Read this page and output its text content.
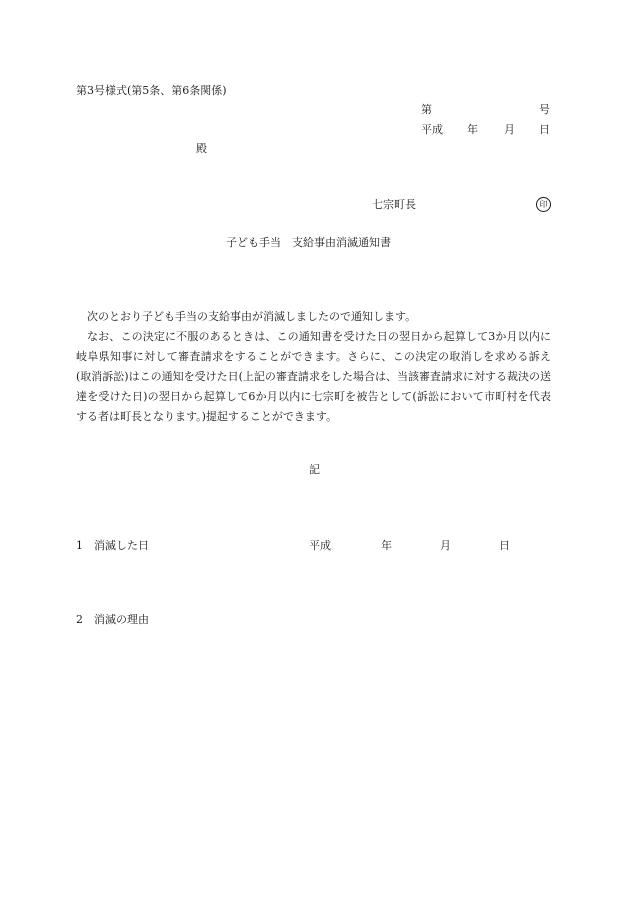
第3号様式(第5条、第6条関係)
第	号
平成 年 月 日
殿
七宗町長	印
子ども手当　支給事由消滅通知書
次のとおり子ども手当の支給事由が消滅しましたので通知します。
なお、この決定に不服のあるときは、この通知書を受けた日の翌日から起算して3か月以内に岐阜県知事に対して審査請求をすることができます。さらに、この決定の取消しを求める訴え(取消訴訟)はこの通知を受けた日(上記の審査請求をした場合は、当該審査請求に対する裁決の送達を受けた日)の翌日から起算して6か月以内に七宗町を被告として(訴訟において市町村を代表する者は町長となります。)提起することができます。
記
1　消滅した日	平成	年	月	日
2　消滅の理由
